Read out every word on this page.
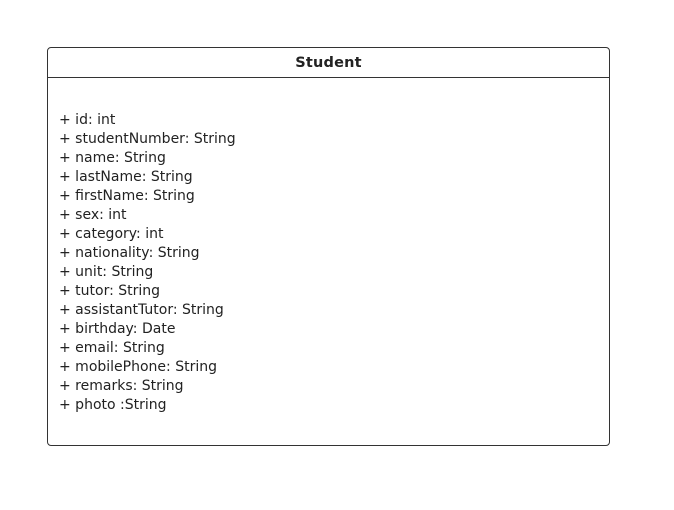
Student
+ id: int
+ studentNumber: String
+ name: String
+ lastName: String
+ firstName: String
+ sex: int
+ category: int
+ nationality: String
+ unit: String
+ tutor: String
+ assistantTutor: String
+ birthday: Date
+ email: String
+ mobilePhone: String
+ remarks: String
+ photo :String
